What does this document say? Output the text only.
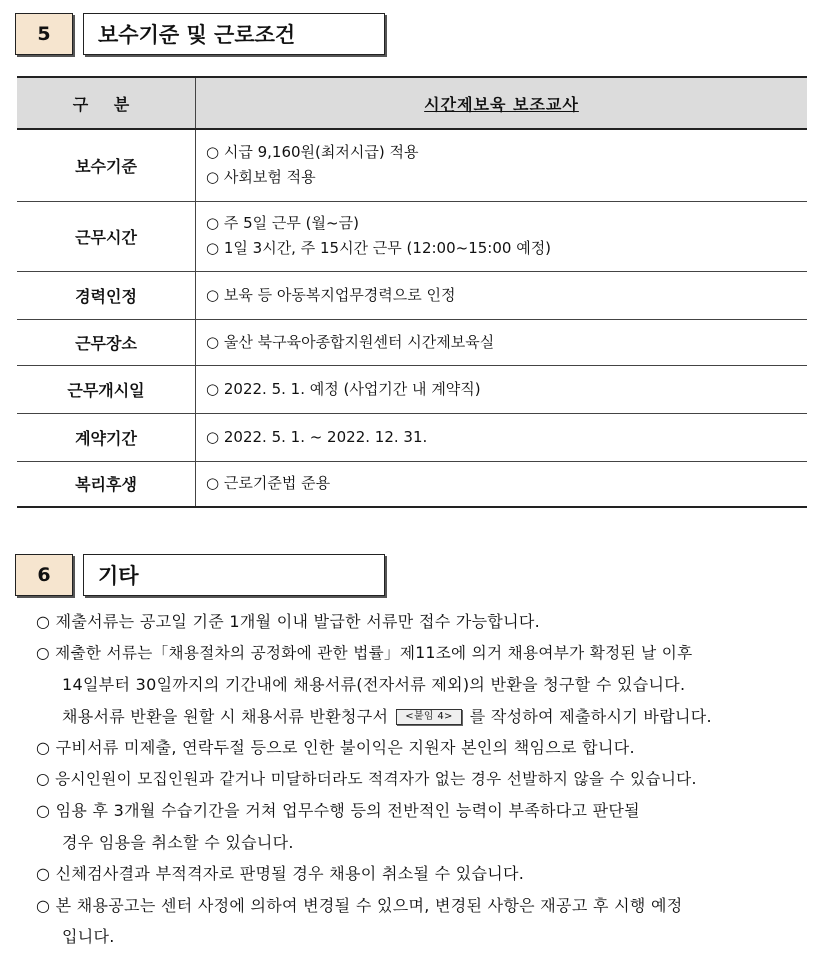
5	보수기준 및 근로조건
구 분	시간제보육 보조교사
보수기준	○ 시급 9,160원(최저시급) 적용
○ 사회보험 적용

근무시간	○ 주 5일 근무 (월~금)
○ 1일 3시간, 주 15시간 근무 (12:00~15:00 예정)

경력인정	○ 보육 등 아동복지업무경력으로 인정

근무장소	○ 울산 북구육아종합지원센터 시간제보육실

근무개시일	○ 2022. 5. 1. 예정 (사업기간 내 계약직)

계약기간	○ 2022. 5. 1. ~ 2022. 12. 31.

복리후생	○ 근로기준법 준용
6	기타
○ 제출서류는 공고일 기준 1개월 이내 발급한 서류만 접수 가능합니다.
○ 제출한 서류는「채용절차의 공정화에 관한 법률」제11조에 의거 채용여부가 확정된 날 이후
14일부터 30일까지의 기간내에 채용서류(전자서류 제외)의 반환을 청구할 수 있습니다.
채용서류 반환을 원할 시 채용서류 반환청구서 <붙임 4> 를 작성하여 제출하시기 바랍니다.
○ 구비서류 미제출, 연락두절 등으로 인한 불이익은 지원자 본인의 책임으로 합니다.
○ 응시인원이 모집인원과 같거나 미달하더라도 적격자가 없는 경우 선발하지 않을 수 있습니다.
○ 임용 후 3개월 수습기간을 거쳐 업무수행 등의 전반적인 능력이 부족하다고 판단될
경우 임용을 취소할 수 있습니다.
○ 신체검사결과 부적격자로 판명될 경우 채용이 취소될 수 있습니다.
○ 본 채용공고는 센터 사정에 의하여 변경될 수 있으며, 변경된 사항은 재공고 후 시행 예정
입니다.
